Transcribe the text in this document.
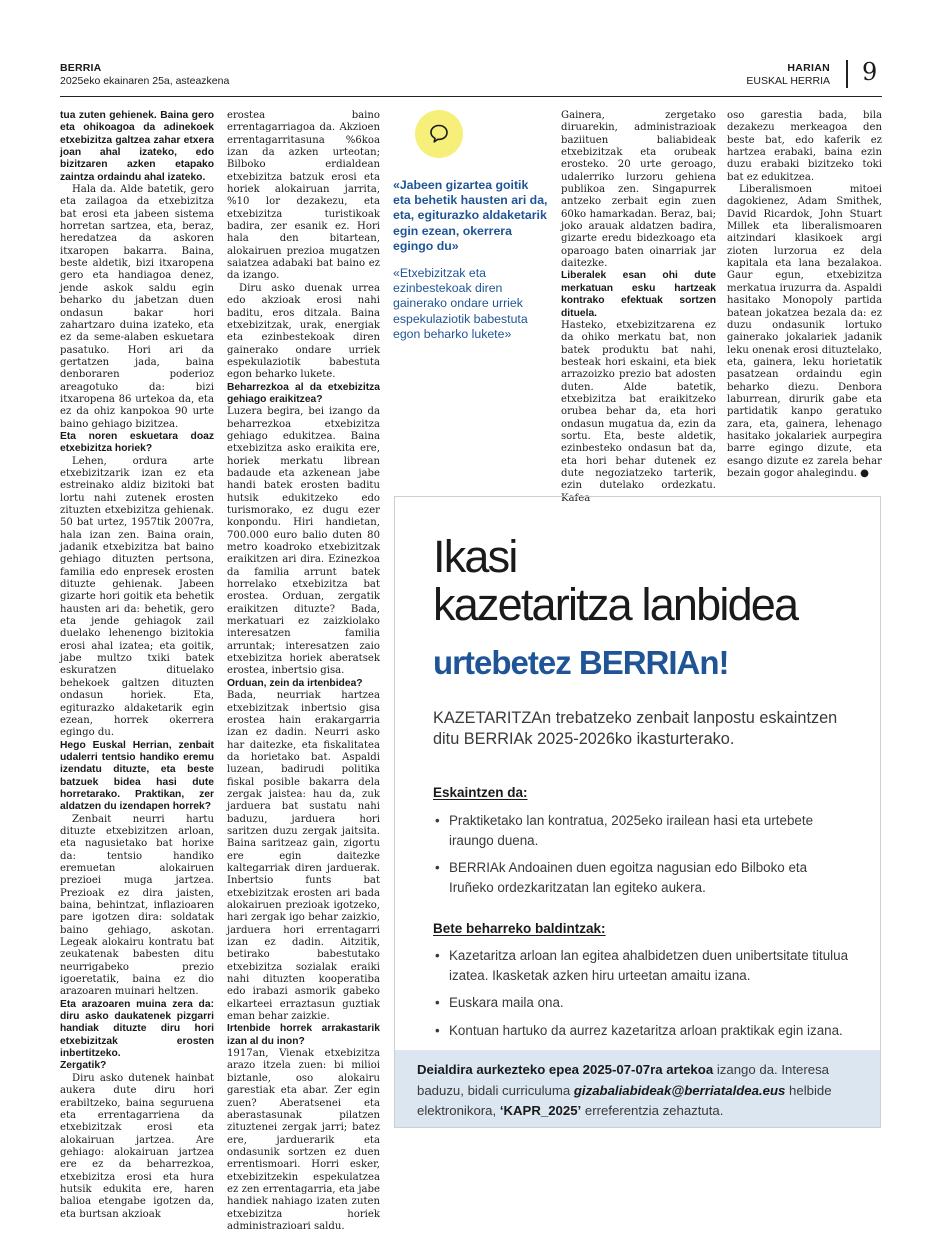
BERRIA
2025eko ekainaren 25a, asteazkena
HARIAN
EUSKAL HERRIA 9

tua zuten gehienek. Baina gero eta ohikoagoa da adinekoek etxebizitza galtzea zahar etxera joan ahal izateko, edo bizitzaren azken etapako zaintza ordaindu ahal izateko.

Hala da. Alde batetik, gero eta zailagoa da etxebizitza bat erosi eta jabeen sistema horretan sartzea, eta, beraz, heredatzea da askoren itxaropen bakarra. Baina, beste aldetik, bizi itxaropena gero eta handiagoa denez, jende askok saldu egin beharko du jabetzan duen ondasun bakar hori zahartzaro duina izateko, eta ez da seme-alaben eskuetara pasatuko. Hori ari da gertatzen jada, baina denboraren poderioz areagotuko da: bizi itxaropena 86 urtekoa da, eta ez da ohiz kanpokoa 90 urte baino gehiago bizitzea.

Eta noren eskuetara doaz etxebizitza horiek?

Lehen, ordura arte etxebizitzarik izan ez eta estreinako aldiz bizitoki bat lortu nahi zutenek erosten zituzten etxebizitza gehienak. 50 bat urtez, 1957tik 2007ra, hala izan zen. Baina orain, jadanik etxebizitza bat baino gehiago dituzten pertsona, familia edo enpresek erosten dituzte gehienak. Jabeen gizarte hori goitik eta behetik hausten ari da: behetik, gero eta jende gehiagok zail duelako lehenengo bizitokia erosi ahal izatea; eta goitik, jabe multzo txiki batek eskuratzen dituelako behekoek galtzen dituzten ondasun horiek. Eta, egiturazko aldaketarik egin ezean, horrek okerrera egingo du.

Hego Euskal Herrian, zenbait udalerri tentsio handiko eremu izendatu dituzte, eta beste batzuek bidea hasi dute horretarako. Praktikan, zer aldatzen du izendapen horrek?

Zenbait neurri hartu dituzte etxebizitzen arloan, eta nagusietako bat horixe da: tentsio handiko eremuetan alokairuen prezioei muga jartzea. Prezioak ez dira jaisten, baina, behintzat, inflazioaren pare igotzen dira: soldatak baino gehiago, askotan. Legeak alokairu kontratu bat zeukatenak babesten ditu neurrigabeko prezio igoeretatik, baina ez dio arazoaren muinari heltzen.

Eta arazoaren muina zera da: diru asko daukatenek pizgarri handiak dituzte diru hori etxebizitzak erosten inbertitzeko.

Zergatik?

Diru asko dutenek hainbat aukera dute diru hori erabiltzeko, baina seguruena eta errentagarriena da etxebizitzak erosi eta alokairuan jartzea. Are gehiago: alokairuan jartzea ere ez da beharrezkoa, etxebizitza erosi eta hura hutsik edukita ere, haren balioa etengabe igotzen da, eta burtsan akzioak

erostea baino errentagarriagoa da. Akzioen errentagarritasuna %6koa izan da azken urteotan; Bilboko erdialdean etxebizitza batzuk erosi eta horiek alokairuan jarrita, %10 lor dezakezu, eta etxebizitza turistikoak badira, zer esanik ez. Hori hala den bitartean, alokairuen prezioa mugatzen saiatzea adabaki bat baino ez da izango.

Diru asko duenak urrea edo akzioak erosi nahi baditu, eros ditzala. Baina etxebizitzak, urak, energiak eta ezinbestekoak diren gainerako ondare urriek espekulaziotik babestuta egon beharko lukete.

Beharrezkoa al da etxebizitza gehiago eraikitzea?

Luzera begira, bei izango da beharrezkoa etxebizitza gehiago edukitzea. Baina etxebizitza asko eraikita ere, horiek merkatu librean badaude eta azkenean jabe handi batek erosten baditu hutsik edukitzeko edo turismorako, ez dugu ezer konpondu. Hiri handietan, 700.000 euro balio duten 80 metro koadroko etxebizitzak eraikitzen ari dira. Ezinezkoa da familia arrunt batek horrelako etxebizitza bat erostea. Orduan, zergatik eraikitzen dituzte? Bada, merkatuari ez zaizkiolako interesatzen familia arruntak; interesatzen zaio etxebizitza horiek aberatsek erostea, inbertsio gisa.

Orduan, zein da irtenbidea?

Bada, neurriak hartzea etxebizitzak inbertsio gisa erostea hain erakargarria izan ez dadin. Neurri asko har daitezke, eta fiskalitatea da horietako bat. Aspaldi luzean, badirudi politika fiskal posible bakarra dela zergak jaistea: hau da, zuk jarduera bat sustatu nahi baduzu, jarduera hori saritzen duzu zergak jaitsita. Baina saritzeaz gain, zigortu ere egin daitezke kaltegarriak diren jarduerak. Inbertsio funts bat etxebizitzak erosten ari bada alokairuen prezioak igotzeko, hari zergak igo behar zaizkio, jarduera hori errentagarri izan ez dadin. Aitzitik, betirako babestutako etxebizitza sozialak eraiki nahi dituzten kooperatiba edo irabazi asmorik gabeko elkarteei erraztasun guztiak eman behar zaizkie.

Irtenbide horrek arrakastarik izan al du inon?

1917an, Vienak etxebizitza arazo itzela zuen: bi milioi biztanle, oso alokairu garestiak eta abar. Zer egin zuen? Aberatsenei eta aberastasunak pilatzen zituztenei zergak jarri; batez ere, jarduerarik eta ondasunik sortzen ez duen errentismoari. Horri esker, etxebizitzekin espekulatzea ez zen errentagarria, eta jabe handiek nahiago izaten zuten etxebizitza horiek administrazioari saldu.

«Jabeen gizartea goitik eta behetik hausten ari da, eta, egiturazko aldaketarik egin ezean, okerrera egingo du»
«Etxebizitzak eta ezinbestekoak diren gainerako ondare urriek espekulaziotik babestuta egon beharko lukete»

Gainera, zergetako diruarekin, administrazioak baziituen baliabideak etxebizitzak eta orubeak erosteko. 20 urte geroago, udalerriko lurzoru gehiena publikoa zen. Singapurrek antzeko zerbait egin zuen 60ko hamarkadan. Beraz, bai; joko arauak aldatzen badira, gizarte eredu bidezkoago eta oparoago baten oinarriak jar daitezke.

Liberalek esan ohi dute merkatuan esku hartzeak kontrako efektuak sortzen dituela.

Hasteko, etxebizitzarena ez da ohiko merkatu bat, non batek produktu bat nahi, besteak hori eskaini, eta biek arrazoizko prezio bat adosten duten. Alde batetik, etxebizitza bat eraikitzeko orubea behar da, eta hori ondasun mugatua da, ezin da sortu. Eta, beste aldetik, ezinbesteko ondasun bat da, eta hori behar dutenek ez dute negoziatzeko tarterik, ezin dutelako ordezkatu. Kafea

oso garestia bada, bila dezakezu merkeagoa den beste bat, edo kaferik ez hartzea erabaki, baina ezin duzu erabaki bizitzeko toki bat ez edukitzea.

Liberalismoen mitoei dagokienez, Adam Smithek, David Ricardok, John Stuart Millek eta liberalismoaren aitzindari klasikoek argi zioten lurzorua ez dela kapitala eta lana bezalakoa. Gaur egun, etxebizitza merkatua iruzurra da. Aspaldi hasitako Monopoly partida batean jokatzea bezala da: ez duzu ondasunik lortuko gainerako jokalariek jadanik leku onenak erosi dituztelako, eta, gainera, leku horietatik pasatzean ordaindu egin beharko diezu. Denbora laburrean, dirurik gabe eta partidatik kanpo geratuko zara, eta, gainera, lehenago hasitako jokalariek aurpegira barre egingo dizute, eta esango dizute ez zarela behar bezain gogor ahalegindu. ●

Ikasi
kazetaritza lanbidea
urtebetez BERRIAn!
KAZETARITZAn trebatzeko zenbait lanpostu eskaintzen ditu BERRIAk 2025-2026ko ikasturterako.
Eskaintzen da:
• Praktiketako lan kontratua, 2025eko irailean hasi eta urtebete iraungo duena.
• BERRIAk Andoainen duen egoitza nagusian edo Bilboko eta Iruñeko ordezkaritzatan lan egiteko aukera.
Bete beharreko baldintzak:
• Kazetaritza arloan lan egitea ahalbidetzen duen unibertsitate titulua izatea. Ikasketak azken hiru urteetan amaitu izana.
• Euskara maila ona.
• Kontuan hartuko da aurrez kazetaritza arloan praktikak egin izana.
Deialdira aurkezteko epea 2025-07-07ra artekoa izango da. Interesa baduzu, bidali curriculuma gizabaliabideak@berriataldea.eus helbide elektronikora, ‘KAPR_2025’ erreferentzia zehaztuta.
